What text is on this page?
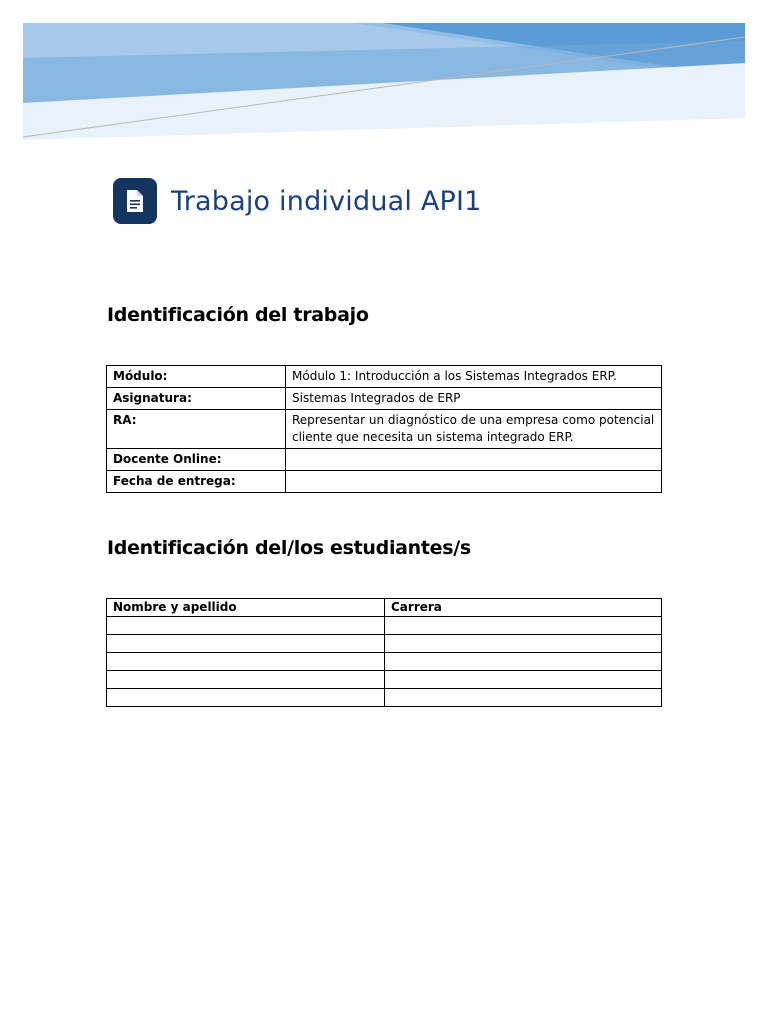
Trabajo individual API1
Identificación del trabajo
Módulo:	Módulo 1: Introducción a los Sistemas Integrados ERP.
Asignatura:	Sistemas Integrados de ERP
RA:	Representar un diagnóstico de una empresa como potencial cliente que necesita un sistema integrado ERP.
Docente Online:	
Fecha de entrega:	
Identificación del/los estudiantes/s
Nombre y apellido	Carrera
